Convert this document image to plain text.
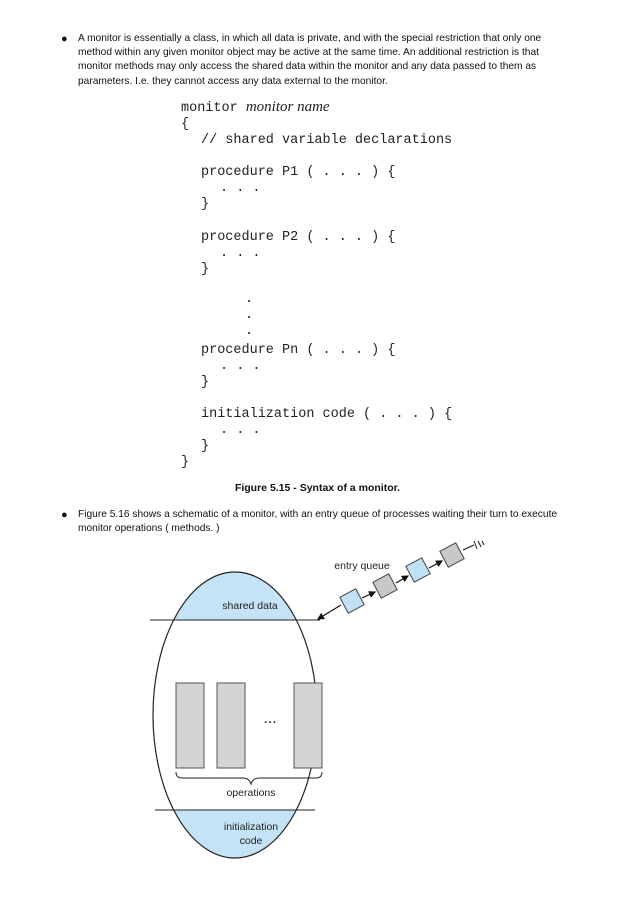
● A monitor is essentially a class, in which all data is private, and with the special restriction that only one method within any given monitor object may be active at the same time. An additional restriction is that monitor methods may only access the shared data within the monitor and any data passed to them as parameters. I.e. they cannot access any data external to the monitor.
monitor monitor name
{
// shared variable declarations
procedure P1 ( . . . ) {
. . .
}
procedure P2 ( . . . ) {
. . .
}
.
.
.
procedure Pn ( . . . ) {
. . .
}
initialization code ( . . . ) {
. . .
}
}
Figure 5.15 - Syntax of a monitor.
● Figure 5.16 shows a schematic of a monitor, with an entry queue of processes waiting their turn to execute monitor operations ( methods. )
shared data
...
operations
initialization
code
entry queue
